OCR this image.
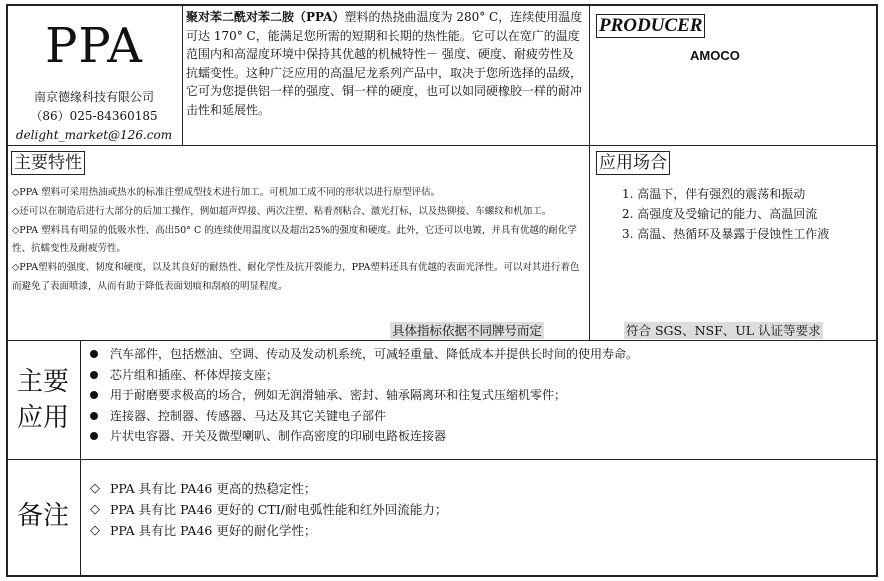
PPA
南京德缘科技有限公司
（86）025-84360185
delight_market@126.com
聚对苯二酰对苯二胺（PPA）塑料的热挠曲温度为 280° C，连续使用温度可达 170° C，能满足您所需的短期和长期的热性能。它可以在宽广的温度范围内和高湿度环境中保持其优越的机械特性－ 强度、硬度、耐疲劳性及抗蠕变性。这种广泛应用的高温尼龙系列产品中，取决于您所选择的品级，它可为您提供铝一样的强度、铜一样的硬度，也可以如同硬橡胶一样的耐冲击性和延展性。
PRODUCER
AMOCO
主要特性

◇PPA 塑料可采用热油或热水的标准注塑成型技术进行加工。可机加工成不同的形状以进行原型评估。

◇还可以在制造后进行大部分的后加工操作，例如超声焊接、两次注塑、粘着剂粘合、激光打标，以及热铆接、车螺纹和机加工。

◇PPA 塑料具有明显的低吸水性、高出50° C 的连续使用温度以及超出25%的强度和硬度。此外，它还可以电镀，并具有优越的耐化学性、抗蠕变性及耐疲劳性。

◇PPA塑料的强度、韧度和硬度，以及其良好的耐热性、耐化学性及抗开裂能力，PPA塑料还具有优越的表面光泽性。可以对其进行着色而避免了表面喷漆，从而有助于降低表面划痕和刮痕的明显程度。

具体指标依据不同牌号而定
应用场合
1. 高温下，伴有强烈的震荡和振动
2. 高强度及受输记的能力、高温回流
3. 高温、热循环及暴露于侵蚀性工作液
符合 SGS、NSF、UL 认证等要求
主要
应用
汽车部件，包括燃油、空调、传动及发动机系统，可减轻重量、降低成本并提供长时间的使用寿命。
芯片组和插座、杯体焊接支座；
用于耐磨要求极高的场合，例如无润滑轴承、密封、轴承隔离环和往复式压缩机零件；
连接器、控制器、传感器、马达及其它关键电子部件
片状电容器、开关及微型喇叭、制作高密度的印刷电路板连接器
备注
◇ PPA 具有比 PA46 更高的热稳定性；
◇ PPA 具有比 PA46 更好的 CTI/耐电弧性能和红外回流能力；
◇ PPA 具有比 PA46 更好的耐化学性；
